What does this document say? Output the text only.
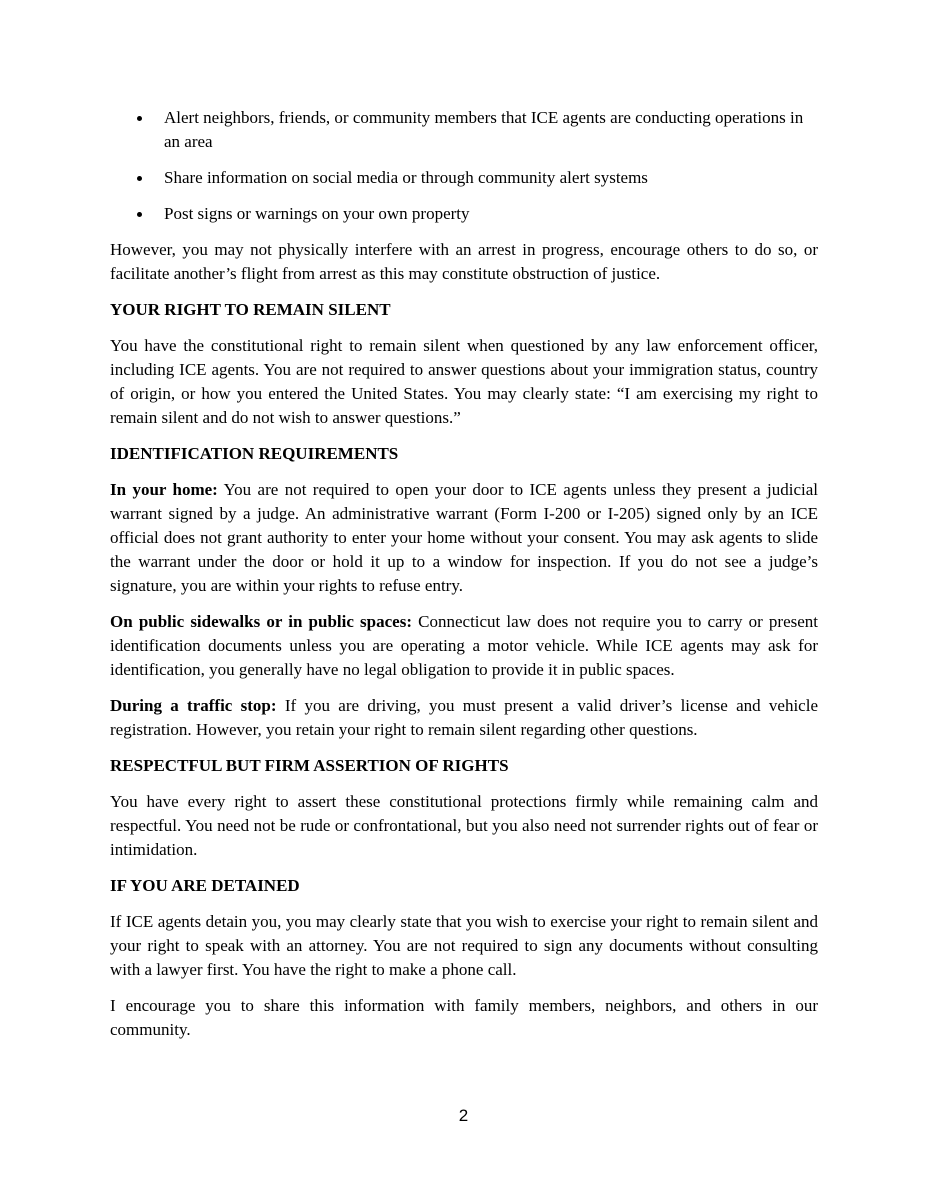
Alert neighbors, friends, or community members that ICE agents are conducting operations in an area
Share information on social media or through community alert systems
Post signs or warnings on your own property

However, you may not physically interfere with an arrest in progress, encourage others to do so, or facilitate another’s flight from arrest as this may constitute obstruction of justice.

YOUR RIGHT TO REMAIN SILENT

You have the constitutional right to remain silent when questioned by any law enforcement officer, including ICE agents. You are not required to answer questions about your immigration status, country of origin, or how you entered the United States. You may clearly state: “I am exercising my right to remain silent and do not wish to answer questions.”

IDENTIFICATION REQUIREMENTS

In your home: You are not required to open your door to ICE agents unless they present a judicial warrant signed by a judge. An administrative warrant (Form I-200 or I-205) signed only by an ICE official does not grant authority to enter your home without your consent. You may ask agents to slide the warrant under the door or hold it up to a window for inspection. If you do not see a judge’s signature, you are within your rights to refuse entry.

On public sidewalks or in public spaces: Connecticut law does not require you to carry or present identification documents unless you are operating a motor vehicle. While ICE agents may ask for identification, you generally have no legal obligation to provide it in public spaces.

During a traffic stop: If you are driving, you must present a valid driver’s license and vehicle registration. However, you retain your right to remain silent regarding other questions.

RESPECTFUL BUT FIRM ASSERTION OF RIGHTS

You have every right to assert these constitutional protections firmly while remaining calm and respectful. You need not be rude or confrontational, but you also need not surrender rights out of fear or intimidation.

IF YOU ARE DETAINED

If ICE agents detain you, you may clearly state that you wish to exercise your right to remain silent and your right to speak with an attorney. You are not required to sign any documents without consulting with a lawyer first. You have the right to make a phone call.

I encourage you to share this information with family members, neighbors, and others in our community.

2
